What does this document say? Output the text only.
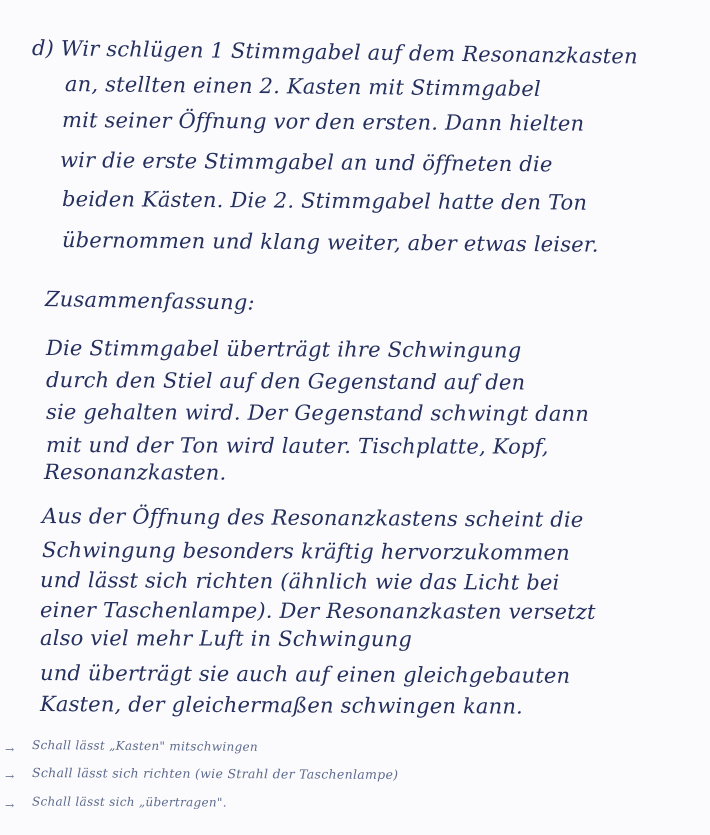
d) Wir schlügen 1 Stimmgabel auf dem Resonanzkasten
an, stellten einen 2. Kasten mit Stimmgabel
mit seiner Öffnung vor den ersten. Dann hielten
wir die erste Stimmgabel an und öffneten die
beiden Kästen. Die 2. Stimmgabel hatte den Ton
übernommen und klang weiter, aber etwas leiser.
Zusammenfassung:
Die Stimmgabel überträgt ihre Schwingung
durch den Stiel auf den Gegenstand auf den
sie gehalten wird. Der Gegenstand schwingt dann
mit und der Ton wird lauter. Tischplatte, Kopf,
Resonanzkasten.
Aus der Öffnung des Resonanzkastens scheint die
Schwingung besonders kräftig hervorzukommen
und lässt sich richten (ähnlich wie das Licht bei
einer Taschenlampe). Der Resonanzkasten versetzt
also viel mehr Luft in Schwingung
und überträgt sie auch auf einen gleichgebauten
Kasten, der gleichermaßen schwingen kann.
→ Schall lässt „Kasten" mitschwingen
→ Schall lässt sich richten (wie Strahl der Taschenlampe)
→ Schall lässt sich „übertragen".
